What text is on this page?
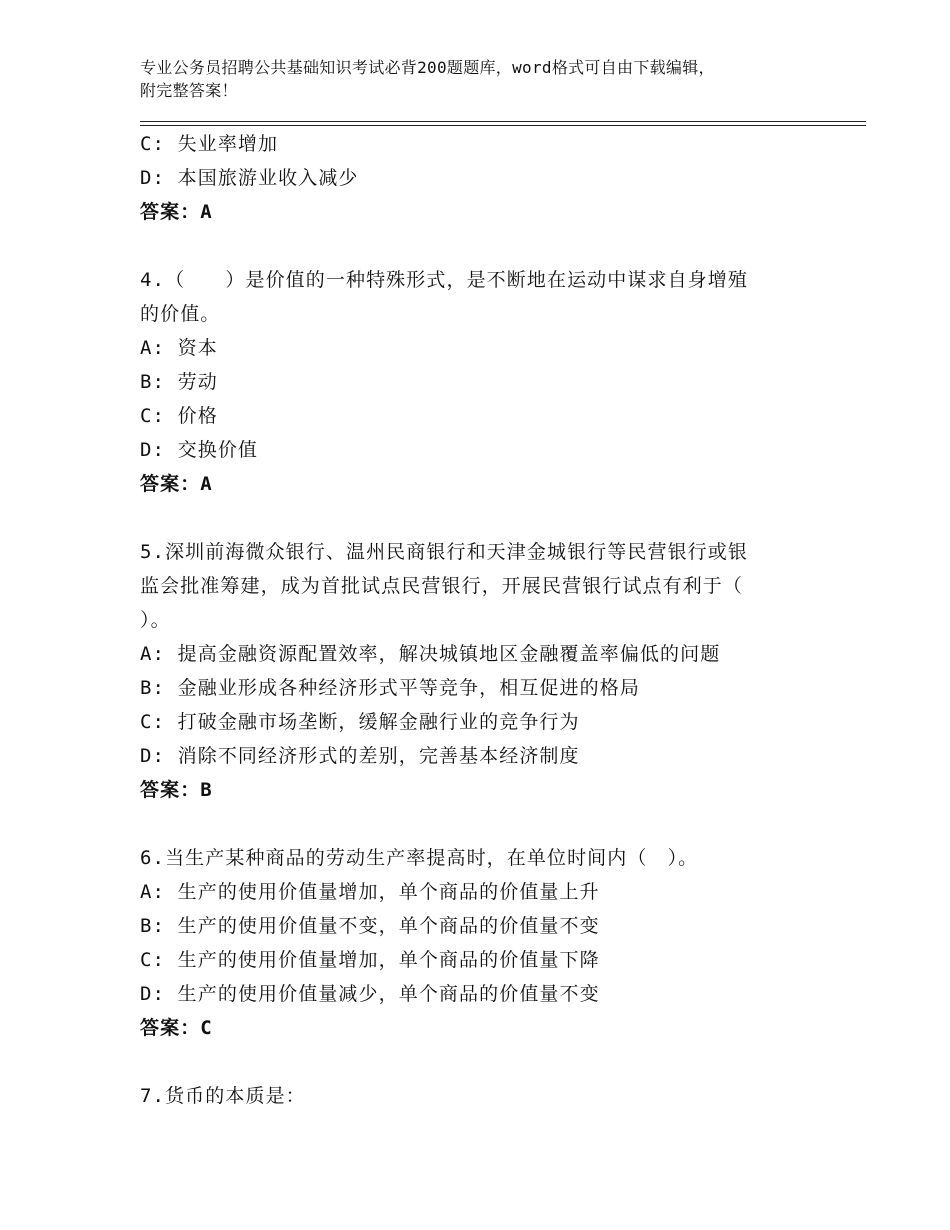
专业公务员招聘公共基础知识考试必背200题题库，word格式可自由下载编辑，
附完整答案！
C: 失业率增加
D: 本国旅游业收入减少
答案：A
4.（　　）是价值的一种特殊形式，是不断地在运动中谋求自身增殖
的价值。
A: 资本
B: 劳动
C: 价格
D: 交换价值
答案：A
5.深圳前海微众银行、温州民商银行和天津金城银行等民营银行或银
监会批准筹建，成为首批试点民营银行，开展民营银行试点有利于（
）。
A: 提高金融资源配置效率，解决城镇地区金融覆盖率偏低的问题
B: 金融业形成各种经济形式平等竞争，相互促进的格局
C: 打破金融市场垄断，缓解金融行业的竞争行为
D: 消除不同经济形式的差别，完善基本经济制度
答案：B
6.当生产某种商品的劳动生产率提高时，在单位时间内（　）。
A: 生产的使用价值量增加，单个商品的价值量上升
B: 生产的使用价值量不变，单个商品的价值量不变
C: 生产的使用价值量增加，单个商品的价值量下降
D: 生产的使用价值量减少，单个商品的价值量不变
答案：C
7.货币的本质是：
